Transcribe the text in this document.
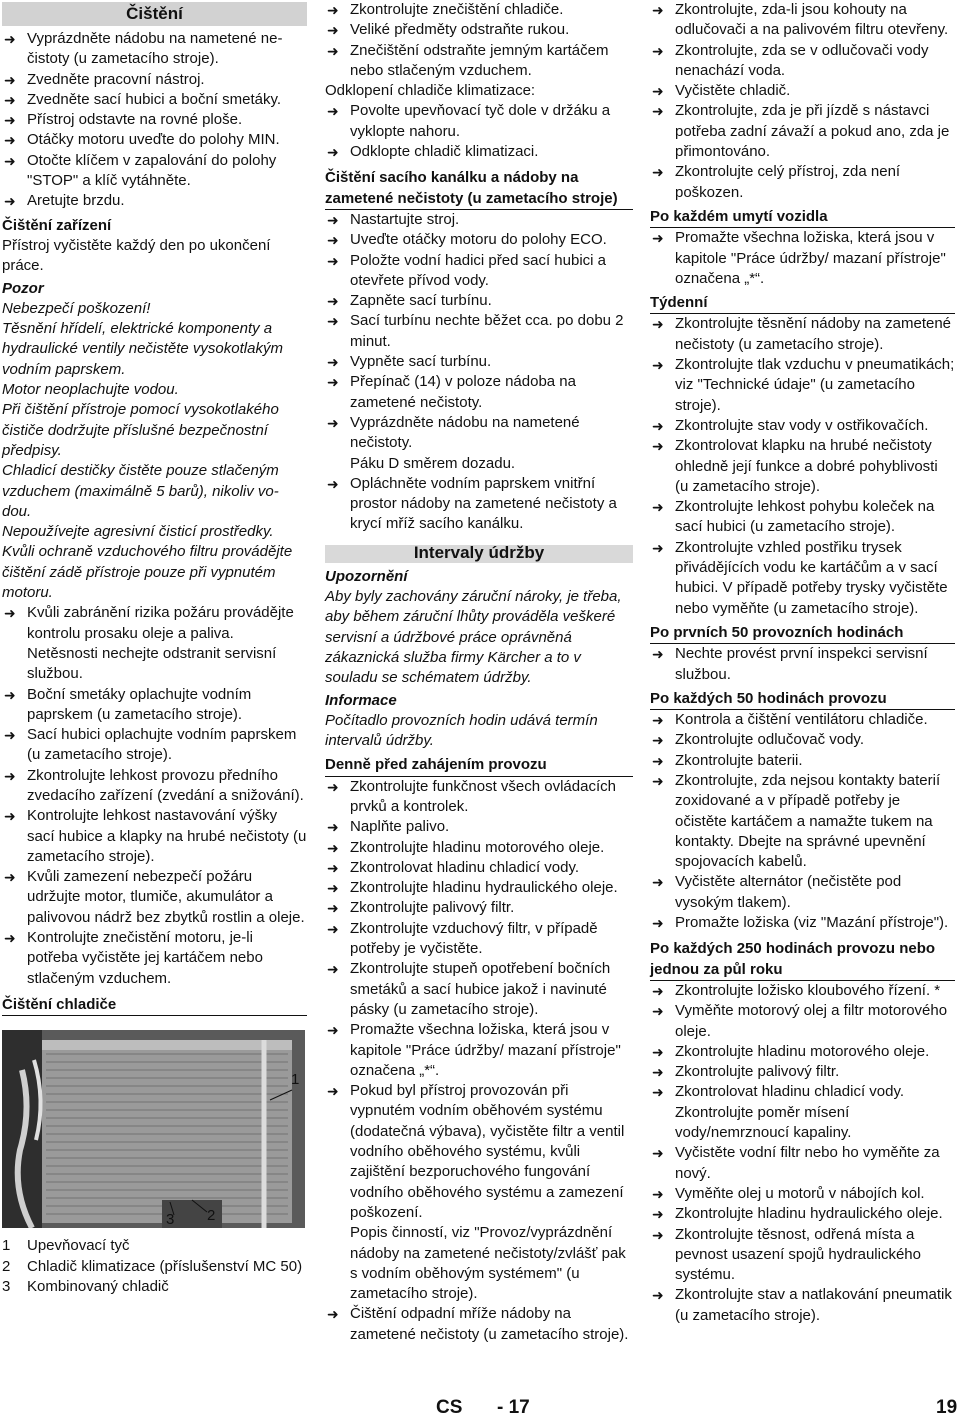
Čištění
➜ Vyprázdněte nádobu na nametené ne-čistoty (u zametacího stroje).
➜ Zvedněte pracovní nástroj.
➜ Zvedněte sací hubici a boční smetáky.
➜ Přístroj odstavte na rovné ploše.
➜ Otáčky motoru uveďte do polohy MIN.
➜ Otočte klíčem v zapalování do polohy "STOP" a klíč vytáhněte.
➜ Aretujte brzdu.
Čištění zařízení
Přístroj vyčistěte každý den po ukončení práce.
Pozor
Nebezpečí poškození!
Těsnění hřídelí, elektrické komponenty a hydraulické ventily nečistěte vysokotlakým vodním paprskem.
Motor neoplachujte vodou.
Při čištění přístroje pomocí vysokotlakého čističe dodržujte příslušné bezpečnostní předpisy.
Chladicí destičky čistěte pouze stlačeným vzduchem (maximálně 5 barů), nikoliv vo-dou.
Nepoužívejte agresivní čisticí prostředky.
Kvůli ochraně vzduchového filtru provádějte čištění zádě přístroje pouze při vypnutém motoru.
➜ Kvůli zabránění rizika požáru provádějte kontrolu prosaku oleje a paliva. Netěsnosti nechejte odstranit servisní službou.
➜ Boční smetáky oplachujte vodním paprskem (u zametacího stroje).
➜ Sací hubici oplachujte vodním paprskem (u zametacího stroje).
➜ Zkontrolujte lehkost provozu předního zvedacího zařízení (zvedání a snižování).
➜ Kontrolujte lehkost nastavování výšky sací hubice a klapky na hrubé nečistoty (u zametacího stroje).
➜ Kvůli zamezení nebezpečí požáru udržujte motor, tlumiče, akumulátor a palivovou nádrž bez zbytků rostlin a oleje.
➜ Kontrolujte znečistění motoru, je-li potřeba vyčistěte jej kartáčem nebo stlačeným vzduchem.
Čištění chladiče
1
2
3
1 Upevňovací tyč
2 Chladič klimatizace (příslušenství MC 50)
3 Kombinovaný chladič
➜ Zkontrolujte znečištění chladiče.
➜ Veliké předměty odstraňte rukou.
➜ Znečištění odstraňte jemným kartáčem nebo stlačeným vzduchem.
Odklopení chladiče klimatizace:
➜ Povolte upevňovací tyč dole v držáku a vyklopte nahoru.
➜ Odklopte chladič klimatizaci.
Čištění sacího kanálku a nádoby na zametené nečistoty (u zametacího stroje)
➜ Nastartujte stroj.
➜ Uveďte otáčky motoru do polohy ECO.
➜ Položte vodní hadici před sací hubici a otevřete přívod vody.
➜ Zapněte sací turbínu.
➜ Sací turbínu nechte běžet cca. po dobu 2 minut.
➜ Vypněte sací turbínu.
➜ Přepínač (14) v poloze nádoba na zametené nečistoty.
➜ Vyprázdněte nádobu na nametené nečistoty.
Páku D směrem dozadu.
➜ Opláchněte vodním paprskem vnitřní prostor nádoby na zametené nečistoty a krycí mříž sacího kanálku.
Intervaly údržby
Upozornění
Aby byly zachovány záruční nároky, je třeba, aby během záruční lhůty prováděla veškeré servisní a údržbové práce oprávněná zákaznická služba firmy Kärcher a to v souladu se schématem údržby.
Informace
Počítadlo provozních hodin udává termín intervalů údržby.
Denně před zahájením provozu
➜ Zkontrolujte funkčnost všech ovládacích prvků a kontrolek.
➜ Naplňte palivo.
➜ Zkontrolujte hladinu motorového oleje.
➜ Zkontrolovat hladinu chladicí vody.
➜ Zkontrolujte hladinu hydraulického oleje.
➜ Zkontrolujte palivový filtr.
➜ Zkontrolujte vzduchový filtr, v případě potřeby je vyčistěte.
➜ Zkontrolujte stupeň opotřebení bočních smetáků a sací hubice jakož i navinuté pásky (u zametacího stroje).
➜ Promažte všechna ložiska, která jsou v kapitole "Práce údržby/ mazaní přístroje" označena „*“.
➜ Pokud byl přístroj provozován při vypnutém vodním oběhovém systému (dodatečná výbava), vyčistěte filtr a ventil vodního oběhového systému, kvůli zajištění bezporuchového fungování vodního oběhového systému a zamezení poškození.
Popis činností, viz "Provoz/vyprázdnění nádoby na zametené nečistoty/zvlášť pak s vodním oběhovým systémem" (u zametacího stroje).
➜ Čištění odpadní mříže nádoby na zametené nečistoty (u zametacího stroje).
➜ Zkontrolujte, zda-li jsou kohouty na odlučovači a na palivovém filtru otevřeny.
➜ Zkontrolujte, zda se v odlučovači vody nenachází voda.
➜ Vyčistěte chladič.
➜ Zkontrolujte, zda je při jízdě s nástavci potřeba zadní závaží a pokud ano, zda je přimontováno.
➜ Zkontrolujte celý přístroj, zda není poškozen.
Po každém umytí vozidla
➜ Promažte všechna ložiska, která jsou v kapitole "Práce údržby/ mazaní přístroje" označena „*“.
Týdenní
➜ Zkontrolujte těsnění nádoby na zametené nečistoty (u zametacího stroje).
➜ Zkontrolujte tlak vzduchu v pneumatikách; viz "Technické údaje" (u zametacího stroje).
➜ Zkontrolujte stav vody v ostřikovačích.
➜ Zkontrolovat klapku na hrubé nečistoty ohledně její funkce a dobré pohyblivosti (u zametacího stroje).
➜ Zkontrolujte lehkost pohybu koleček na sací hubici (u zametacího stroje).
➜ Zkontrolujte vzhled postřiku trysek přivádějících vodu ke kartáčům a v sací hubici. V případě potřeby trysky vyčistěte nebo vyměňte (u zametacího stroje).
Po prvních 50 provozních hodinách
➜ Nechte provést první inspekci servisní službou.
Po každých 50 hodinách provozu
➜ Kontrola a čištění ventilátoru chladiče.
➜ Zkontrolujte odlučovač vody.
➜ Zkontrolujte baterii.
➜ Zkontrolujte, zda nejsou kontakty baterií zoxidované a v případě potřeby je očistěte kartáčem a namažte tukem na kontakty. Dbejte na správné upevnění spojovacích kabelů.
➜ Vyčistěte alternátor (nečistěte pod vysokým tlakem).
➜ Promažte ložiska (viz "Mazání přístroje").
Po každých 250 hodinách provozu nebo jednou za půl roku
➜ Zkontrolujte ložisko kloubového řízení. *
➜ Vyměňte motorový olej a filtr motorového oleje.
➜ Zkontrolujte hladinu motorového oleje.
➜ Zkontrolujte palivový filtr.
➜ Zkontrolovat hladinu chladicí vody.
Zkontrolujte poměr mísení vody/nemrznoucí kapaliny.
➜ Vyčistěte vodní filtr nebo ho vyměňte za nový.
➜ Vyměňte olej u motorů v nábojích kol.
➜ Zkontrolujte hladinu hydraulického oleje.
➜ Zkontrolujte těsnost, odřená místa a pevnost usazení spojů hydraulického systému.
➜ Zkontrolujte stav a natlakování pneumatik (u zametacího stroje).
CS - 17	19
